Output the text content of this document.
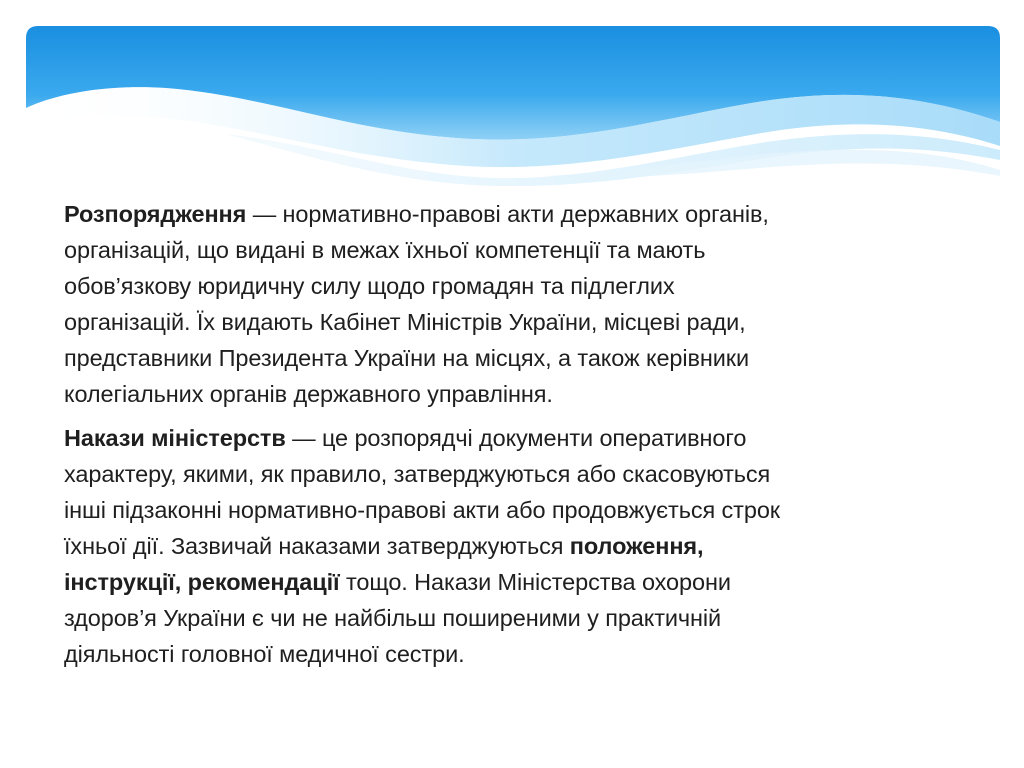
Розпорядження — нормативно-правові акти державних органів,
організацій, що видані в межах їхньої компетенції та мають
обов’язкову юридичну силу щодо громадян та підлеглих
організацій. Їх видають Кабінет Міністрів України, місцеві ради,
представники Президента України на місцях, а також керівники
колегіальних органів державного управління.

Накази міністерств — це розпорядчі документи оперативного
характеру, якими, як правило, затверджуються або скасовуються
інші підзаконні нормативно-правові акти або продовжується строк
їхньої дії. Зазвичай наказами затверджуються положення,
інструкції, рекомендації тощо. Накази Міністерства охорони
здоров’я України є чи не найбільш поширеними у практичній
діяльності головної медичної сестри.
